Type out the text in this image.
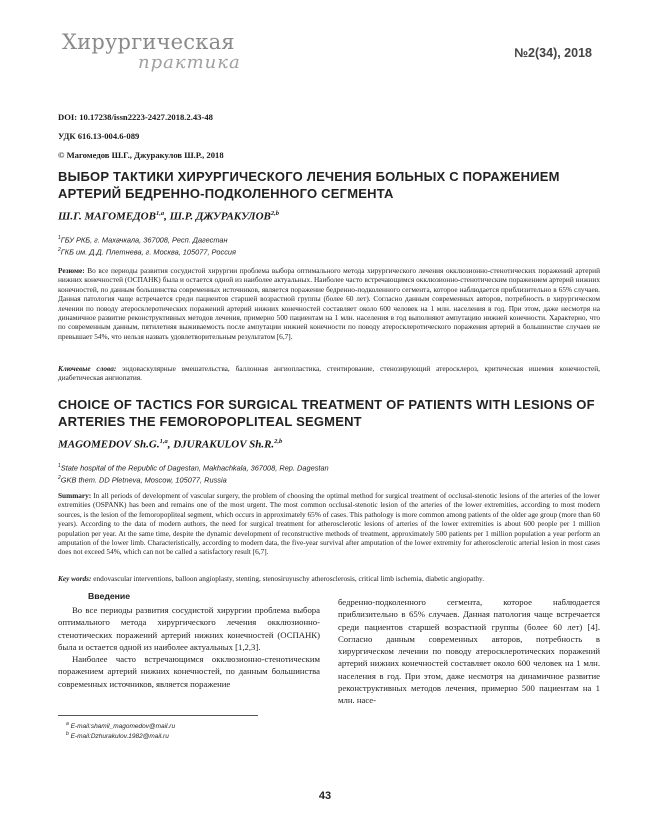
Хирургическая
практика	№2(34), 2018
DOI: 10.17238/issn2223-2427.2018.2.43-48
УДК 616.13-004.6-089
© Магомедов Ш.Г., Джуракулов Ш.Р., 2018
ВЫБОР ТАКТИКИ ХИРУРГИЧЕСКОГО ЛЕЧЕНИЯ БОЛЬНЫХ С ПОРАЖЕНИЕМ АРТЕРИЙ БЕДРЕННО-ПОДКОЛЕННОГО СЕГМЕНТА
Ш.Г. МАГОМЕДОВ$^{1,a}$, Ш.Р. ДЖУРАКУЛОВ$^{2,b}$
$^1$ГБУ РКБ, г. Махачкала, 367008, Респ. Дагестан
$^2$ГКБ им. Д.Д. Плетнева, г. Москва, 105077, Россия
Резюме: Во все периоды развития сосудистой хирургии проблема выбора оптимального метода хирургического лечения окклюзионно-стенотических поражений артерий нижних конечностей (ОСПАНК) была и остается одной из наиболее актуальных. Наиболее часто встречающимся окклюзионно-стенотическим поражением артерий нижних конечностей, по данным большинства современных источников, является поражение бедренно-подколенного сегмента, которое наблюдается приблизительно в 65% случаев. Данная патология чаще встречается среди пациентов старшей возрастной группы (более 60 лет). Согласно данным современных авторов, потребность в хирургическом лечении по поводу атеросклеротических поражений артерий нижних конечностей составляет около 600 человек на 1 млн. населения в год. При этом, даже несмотря на динамичное развитие реконструктивных методов лечения, примерно 500 пациентам на 1 млн. населения в год выполняют ампутацию нижней конечности. Характерно, что по современным данным, пятилетняя выживаемость после ампутации нижней конечности по поводу атеросклеротического поражения артерий в большинстве случаев не превышает 54%, что нельзя назвать удовлетворительным результатом [6,7].
Ключевые слова: эндоваскулярные вмешательства, баллонная ангиопластика, стентирование, стенозирующий атеросклероз, критическая ишемия конечностей, диабетическая ангиопатия.
CHOICE OF TACTICS FOR SURGICAL TREATMENT OF PATIENTS WITH LESIONS OF ARTERIES THE FEMOROPOPLITEAL SEGMENT
MAGOMEDOV Sh.G.$^{1,a}$, DJURAKULOV Sh.R.$^{2,b}$
$^1$State hospital of the Republic of Dagestan, Makhachkala, 367008, Rep. Dagestan
$^2$GKB them. DD Pletneva, Moscow, 105077, Russia
Summary: In all periods of development of vascular surgery, the problem of choosing the optimal method for surgical treatment of occlusal-stenotic lesions of the arteries of the lower extremities (OSPANK) has been and remains one of the most urgent. The most common occlusal-stenotic lesion of the arteries of the lower extremities, according to most modern sources, is the lesion of the femoropopliteal segment, which occurs in approximately 65% of cases. This pathology is more common among patients of the older age group (more than 60 years). According to the data of modern authors, the need for surgical treatment for atherosclerotic lesions of arteries of the lower extremities is about 600 people per 1 million population per year. At the same time, despite the dynamic development of reconstructive methods of treatment, approximately 500 patients per 1 million population a year perform an amputation of the lower limb. Characteristically, according to modern data, the five-year survival after amputation of the lower extremity for atherosclerotic arterial lesion in most cases does not exceed 54%, which can not be called a satisfactory result [6,7].
Key words: endovascular interventions, balloon angioplasty, stenting, stenosiruyuschy atherosclerosis, critical limb ischemia, diabetic angiopathy.
Введение

Во все периоды развития сосудистой хирургии проблема выбора оптимального метода хирургического лечения окклюзионно-стенотических поражений артерий нижних конечностей (ОСПАНК) была и остается одной из наиболее актуальных [1,2,3].

Наиболее часто встречающимся окклюзионно-стенотическим поражением артерий нижних конечностей, по данным большинства современных источников, является поражение

бедренно-подколенного сегмента, которое наблюдается приблизительно в 65% случаев. Данная патология чаще встречается среди пациентов старшей возрастной группы (более 60 лет) [4]. Согласно данным современных авторов, потребность в хирургическом лечении по поводу атеросклеротических поражений артерий нижних конечностей составляет около 600 человек на 1 млн. населения в год. При этом, даже несмотря на динамичное развитие реконструктивных методов лечения, примерно 500 пациентам на 1 млн. насе-

$^a$ E-mail:shamil_magomedov@mail.ru
$^b$ E-mail:Dzhurakulov.1982@mail.ru
43
